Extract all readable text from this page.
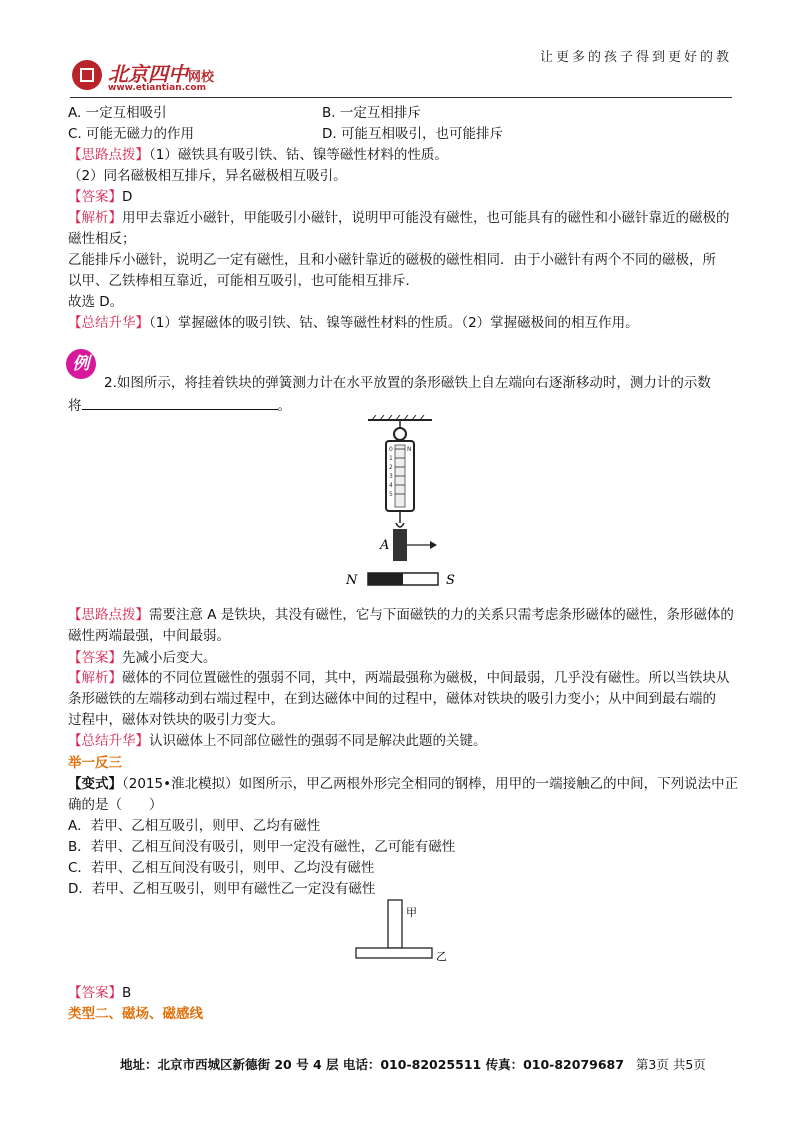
北京四中网校
www.etiantian.com
让更多的孩子得到更好的教
A. 一定互相吸引	B. 一定互相排斥
C. 可能无磁力的作用	D. 可能互相吸引，也可能排斥
【思路点拨】（1）磁铁具有吸引铁、钴、镍等磁性材料的性质。
（2）同名磁极相互排斥，异名磁极相互吸引。
【答案】D
【解析】用甲去靠近小磁针，甲能吸引小磁针，说明甲可能没有磁性，也可能具有的磁性和小磁针靠近的磁极的
磁性相反；
乙能排斥小磁针，说明乙一定有磁性，且和小磁针靠近的磁极的磁性相同．由于小磁针有两个不同的磁极，所
以甲、乙铁棒相互靠近，可能相互吸引，也可能相互排斥．
故选 D。
【总结升华】（1）掌握磁体的吸引铁、钴、镍等磁性材料的性质。（2）掌握磁极间的相互作用。
例
2.如图所示，将挂着铁块的弹簧测力计在水平放置的条形磁铁上自左端向右逐渐移动时，测力计的示数
将	。
0
1
2
3
4
5
N
A
N	S
【思路点拨】需要注意 A 是铁块，其没有磁性，它与下面磁铁的力的关系只需考虑条形磁体的磁性，条形磁体的
磁性两端最强，中间最弱。
【答案】先减小后变大。
【解析】磁体的不同位置磁性的强弱不同，其中，两端最强称为磁极，中间最弱，几乎没有磁性。所以当铁块从
条形磁铁的左端移动到右端过程中，在到达磁体中间的过程中，磁体对铁块的吸引力变小；从中间到最右端的
过程中，磁体对铁块的吸引力变大。
【总结升华】认识磁体上不同部位磁性的强弱不同是解决此题的关键。
举一反三
【变式】（2015•淮北模拟）如图所示，甲乙两根外形完全相同的钢棒，用甲的一端接触乙的中间，下列说法中正
确的是（　　）
A．若甲、乙相互吸引，则甲、乙均有磁性
B．若甲、乙相互间没有吸引，则甲一定没有磁性，乙可能有磁性
C．若甲、乙相互间没有吸引，则甲、乙均没有磁性
D．若甲、乙相互吸引，则甲有磁性乙一定没有磁性
甲
乙
【答案】B
类型二、磁场、磁感线
地址：北京市西城区新德街 20 号 4 层 电话：010-82025511 传真：010-82079687 第3页 共5页
